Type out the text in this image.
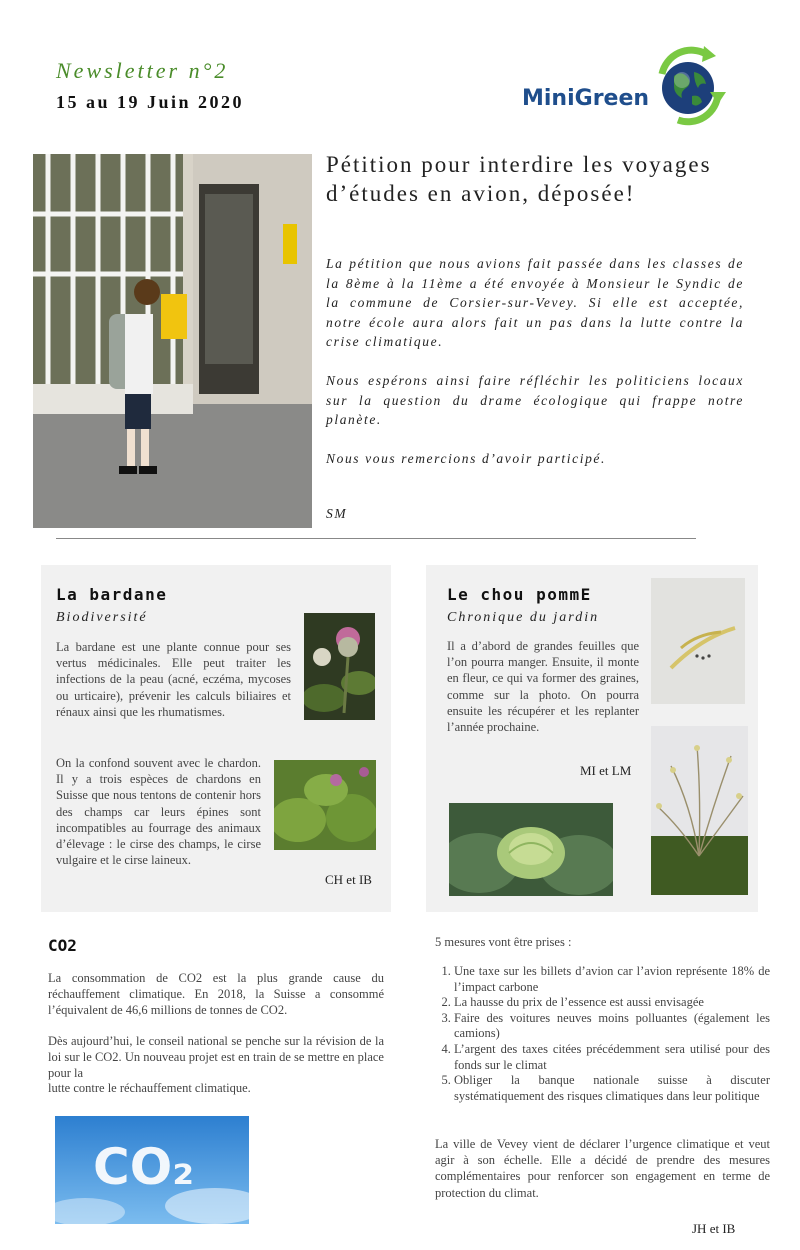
Newsletter n°2
15 au 19 Juin 2020	MiniGreen
Pétition pour interdire les voyages d’études en avion, déposée!

La pétition que nous avions fait passée dans les classes de la 8ème à la 11ème a été envoyée à Monsieur le Syndic de la commune de Corsier-sur-Vevey. Si elle est acceptée, notre école aura alors fait un pas dans la lutte contre la crise climatique.

Nous espérons ainsi faire réfléchir les politiciens locaux sur la question du drame écologique qui frappe notre planète.

Nous vous remercions d’avoir participé.

SM
La bardane
Biodiversité
La bardane est une plante connue pour ses vertus médicinales. Elle peut traiter les infections de la peau (acné, eczéma, mycoses ou urticaire), prévenir les calculs biliaires et rénaux ainsi que les rhumatismes.
On la confond souvent avec le chardon. Il y a trois espèces de chardons en Suisse que nous tentons de contenir hors des champs car leurs épines sont incompatibles au fourrage des animaux d’élevage : le cirse des champs, le cirse vulgaire et le cirse laineux.
CH et IB
Le chou pommE
Chronique du jardin
Il a d’abord de grandes feuilles que l’on pourra manger. Ensuite, il monte en fleur, ce qui va former des graines, comme sur la photo. On pourra ensuite les récupérer et les replanter l’année prochaine.
MI et LM
CO2
La consommation de CO2 est la plus grande cause du réchauffement climatique. En 2018, la Suisse a consommé l’équivalent de 46,6 millions de tonnes de CO2.
Dès aujourd’hui, le conseil national se penche sur la révision de la loi sur le CO2. Un nouveau projet est en train de se mettre en place pour la
lutte contre le réchauffement climatique.
CO₂
5 mesures vont être prises :
1. Une taxe sur les billets d’avion car l’avion représente 18% de l’impact carbone
2. La hausse du prix de l’essence est aussi envisagée
3. Faire des voitures neuves moins polluantes (également les camions)
4. L’argent des taxes citées précédemment sera utilisé pour des fonds sur le climat
5. Obliger la banque nationale suisse à discuter systématiquement des risques climatiques dans leur politique
La ville de Vevey vient de déclarer l’urgence climatique et veut agir à son échelle. Elle a décidé de prendre des mesures complémentaires pour renforcer son engagement en terme de protection du climat.
JH et IB
